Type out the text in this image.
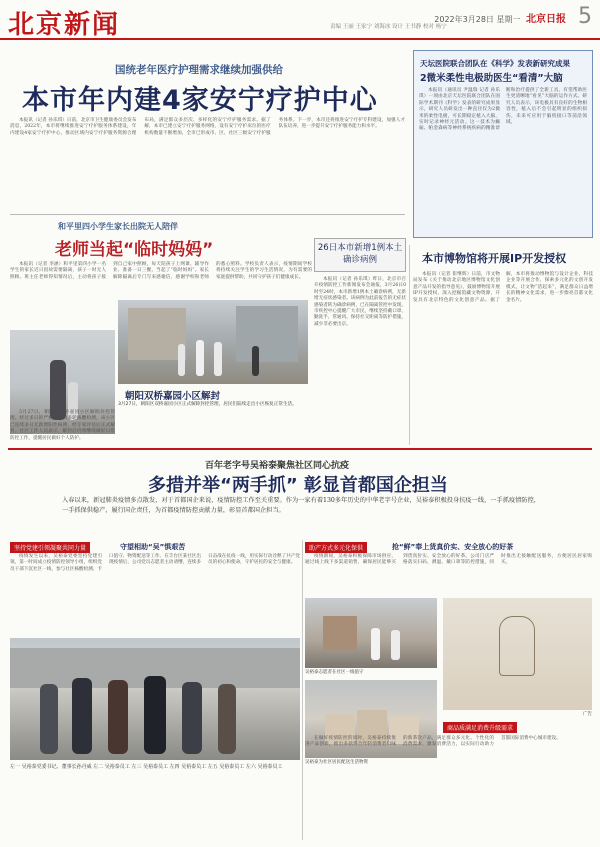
北京新闻	2022年3月28日 星期一 北京日报 5
责编 王丽 王家宁 刘海冰 设计 王书静 校对 杨宁
国统老年医疗护理需求继续加强供给
本市年内建4家安宁疗护中心

本报讯（记者 孙乐琪）日前，北京市卫生健康委员会发布消息，2022年，本市将继续推进安宁疗护服务体系建设，年内建设4家安宁疗护中心，推动区域内安宁疗护服务资源合理布局，满足群众多层次、多样化的安宁疗护服务需求。据了解，本市已建立安宁疗护服务网络，设有安宁疗护床位的医疗机构数量不断增加，全市已形成市、区、社区三级安宁疗护服务体系。下一步，本市还将推进安宁疗护专科建设，加强人才队伍培养，进一步提升安宁疗护服务能力和水平。

天坛医院联合团队在《科学》发表新研究成果
2微米柔性电极助医生“看清”大脑

本报讯（通讯员 尹温瑞 记者 孙乐琪）一项由北京天坛医院联合团队在国际学术期刊《科学》发表的研究成果显示，研究人员研发出一种直径仅为2微米的柔性电极，可长期稳定植入大脑，实时记录神经元活动。这一技术为癫痫、帕金森病等神经系统疾病的精准诊断和治疗提供了全新工具，有望帮助医生更清晰地“看见”大脑的运作方式。研究人员表示，该电极具有良好的生物相容性，植入后不会引起明显的组织损伤，未来可应用于脑机接口等前沿领域。

和平里四小学生家长出院无人陪伴
老师当起“临时妈妈”

本报讯（记者 李涵）和平里第四小学一名学生的家长近日因故需要隔离，孩子一时无人照顾。班主任老师得知情况后，主动将孩子接到自己家中照顾，每天陪孩子上网课、辅导作业、准备一日三餐，当起了“临时妈妈”。家长解除隔离后专门写来感谢信，感谢学校和老师的悉心照料。学校负责人表示，疫情期间学校将持续关注学生的学习生活情况，为有需要的家庭提供帮助，共同守护孩子们健康成长。

26日本市新增1例本土确诊病例

本报讯（记者 孙乐琪）昨日，北京市召开疫情防控工作新闻发布会通报，3月26日0时至24时，本市新增1例本土确诊病例，无新增无症状感染者。该病例为此前报告的无症状感染者转为确诊病例，已在隔离管控中发现。市疾控中心提醒广大市民，继续坚持戴口罩、勤洗手、常通风、保持社交距离等防护措施，减少非必要出京。

朝阳双桥嘉园小区解封
3月27日，朝阳区双桥嘉园小区正式解除封控管理，居民们陆续走出小区恢复正常生活。

3月27日，朝阳区双桥嘉园小区解除封控管理。经过多日的严格管控和多轮核酸检测，该小区已连续多日无新增阳性病例，经专家评估后正式解封。社区工作人员表示，解封后仍将继续做好日常防控工作，提醒居民做好个人防护。

本市博物馆将开展IP开发授权

本报讯（记者 崔继辉）日前，市文物局发布《关于推动北京地区博物馆文化创意产品开发的指导意见》，鼓励博物馆开展IP开发授权，深入挖掘馆藏文物资源，开发具有北京特色的文化创意产品。据了解，本市将推动博物馆与设计企业、科技企业等开展合作，探索多元化的文创开发模式，让文物“活起来”，满足群众日益增长的精神文化需求，进一步擦亮首都文化金名片。

百年老字号吴裕泰聚焦社区同心抗疫
多措并举“两手抓” 彰显首都国企担当
入春以来，新冠肺炎疫情多点散发，对于首都国企来说，疫情防控工作至关重要。作为一家有着130多年历史的中华老字号企业，吴裕泰积极投身抗疫一线，一手抓疫情防控，一手抓保供稳产，履行国企责任，为首都疫情防控贡献力量，彰显首都国企担当。
坚持党建引领凝聚共同力量	守望相助“吴”惧艰苦

疫情发生以来，吴裕泰党委坚持党建引领，第一时间成立疫情防控领导小组，组织党员干部下沉社区一线，参与社区核酸检测、卡口值守、物资配送等工作。在丰台区某社区出现疫情后，公司党员志愿者主动请缨，连续多日奋战在抗疫一线，用实际行动诠释了共产党员的初心和使命，守护居民的安全与健康。

助产方式多元化保供	抢“鲜”奉上货真价实、安全放心的好茶

疫情期间，吴裕泰积极保障市场供应，通过线上线下多渠道销售，确保居民能够买到货真价实、安全放心的好茶。公司门店严格落实扫码、测温、戴口罩等防控措施，同时推出无接触配送服务，方便居民居家购买。

左一 吴裕泰党委书记、董事长孙丹威 左二 吴裕泰员工 左三 吴裕泰员工 左四 吴裕泰员工 左五 吴裕泰员工 左六 吴裕泰员工
吴裕泰志愿者在社区一线值守
吴裕泰为社区居民配送生活物资
广告
商品质满足消费升级需求

在做好疫情防控的同时，吴裕泰持续推进产品创新，推出多款符合年轻消费者口味的新茶饮产品，满足群众多元化、个性化的消费需求，激发消费活力，以实际行动助力首都国际消费中心城市建设。
